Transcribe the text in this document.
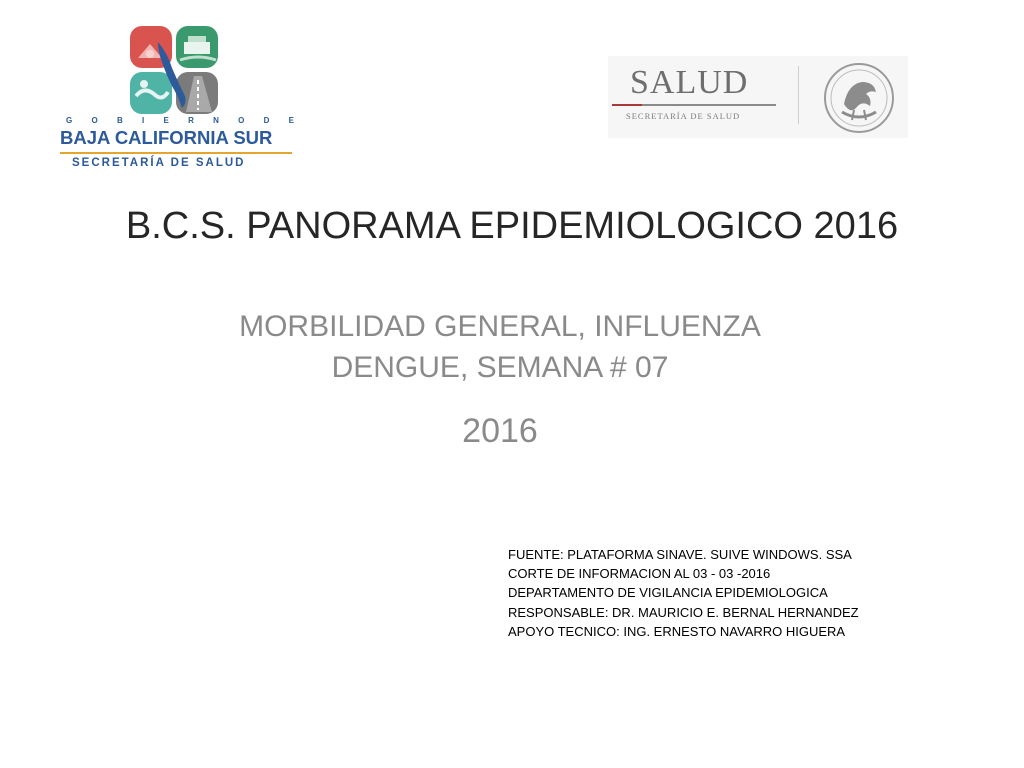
G O B I E R N O D E
BAJA CALIFORNIA SUR
SECRETARÍA DE SALUD
SALUD
SECRETARÍA DE SALUD
B.C.S. PANORAMA EPIDEMIOLOGICO 2016
MORBILIDAD GENERAL, INFLUENZA
DENGUE, SEMANA # 07
2016
FUENTE: PLATAFORMA SINAVE. SUIVE WINDOWS. SSA
CORTE DE INFORMACION AL 03 - 03 -2016
DEPARTAMENTO DE VIGILANCIA EPIDEMIOLOGICA
RESPONSABLE: DR. MAURICIO E. BERNAL HERNANDEZ
APOYO TECNICO: ING. ERNESTO NAVARRO HIGUERA
